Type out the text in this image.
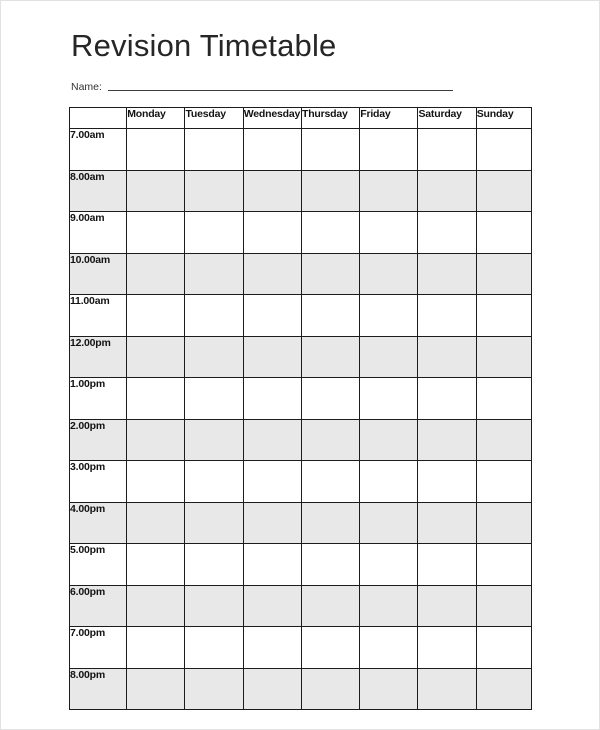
Revision Timetable
Name:
	Monday	Tuesday	Wednesday	Thursday	Friday	Saturday	Sunday
7.00am							
8.00am							
9.00am							
10.00am							
11.00am							
12.00pm							
1.00pm							
2.00pm							
3.00pm							
4.00pm							
5.00pm							
6.00pm							
7.00pm							
8.00pm							
